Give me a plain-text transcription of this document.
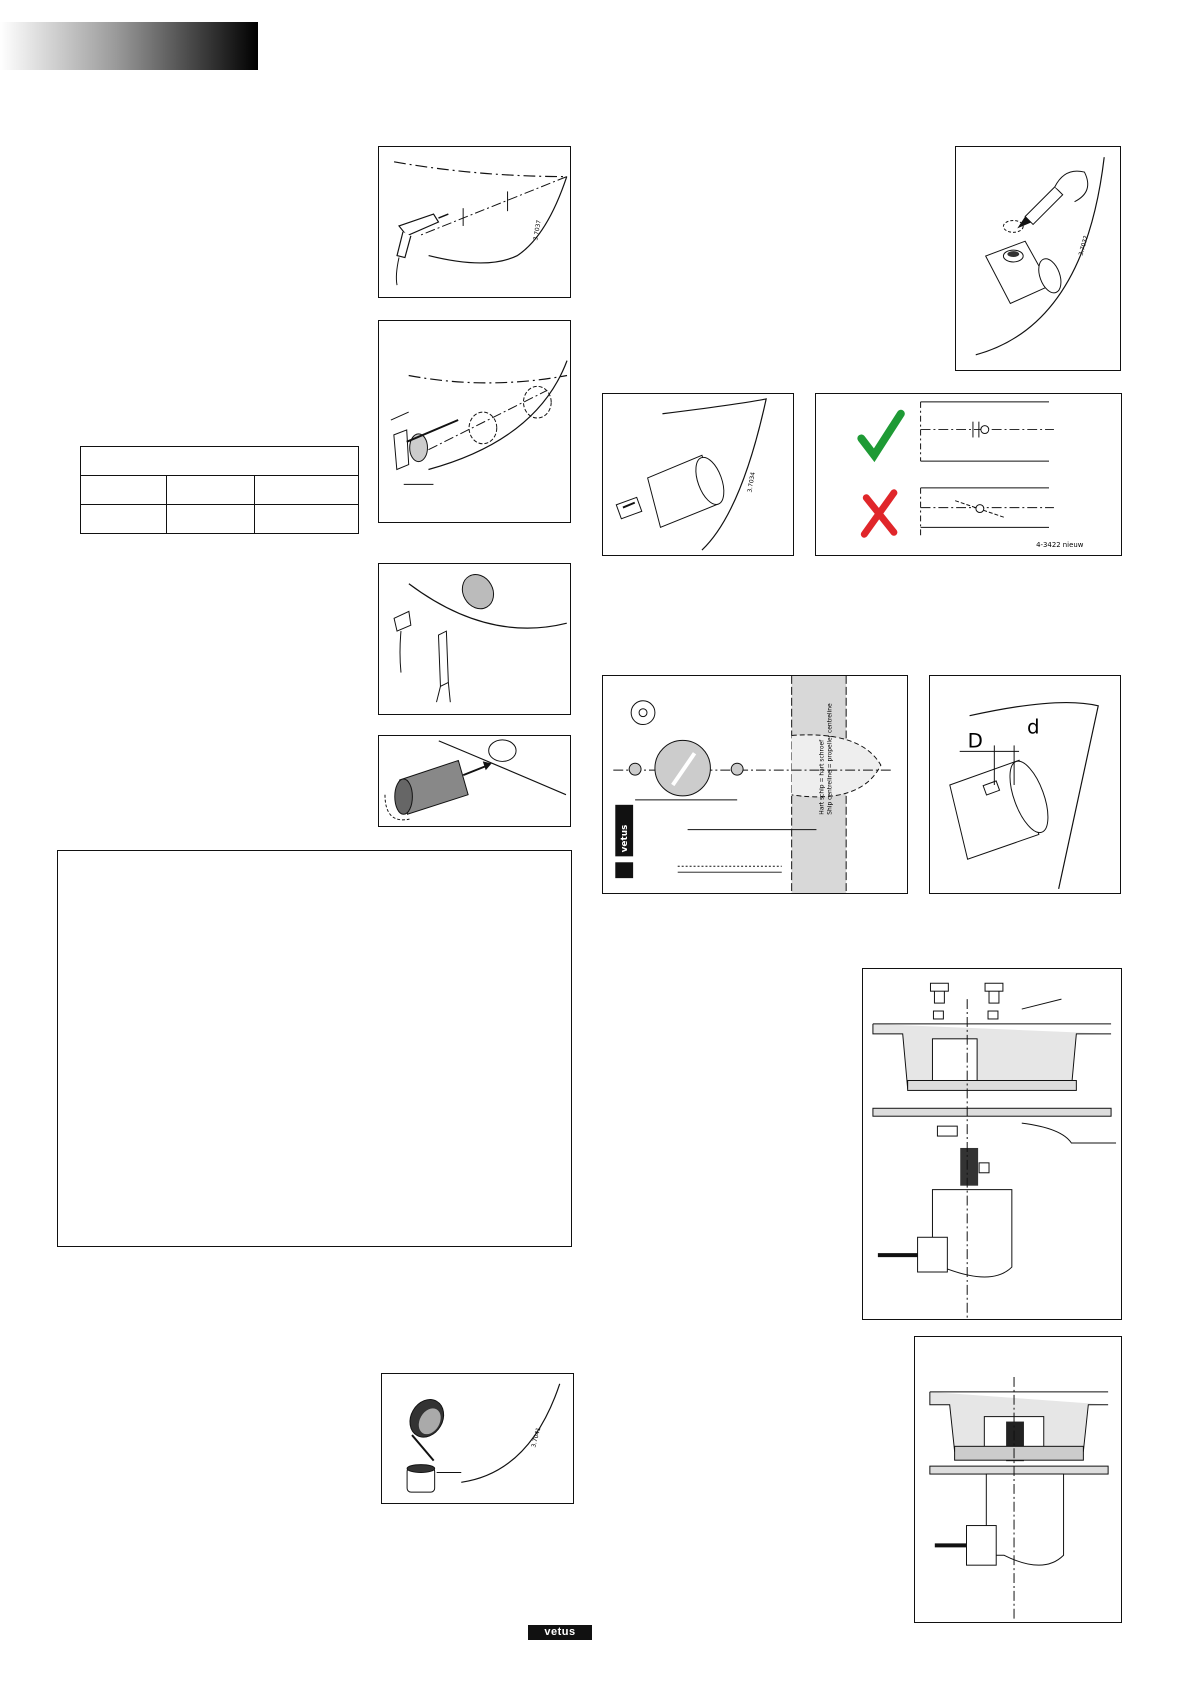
3.7037

3.7041
3.7032
3.7034
4-3422 nieuw
vetus
Hart schip = hart schroef Ship centreline = propeller centreline	D
d
vetus
